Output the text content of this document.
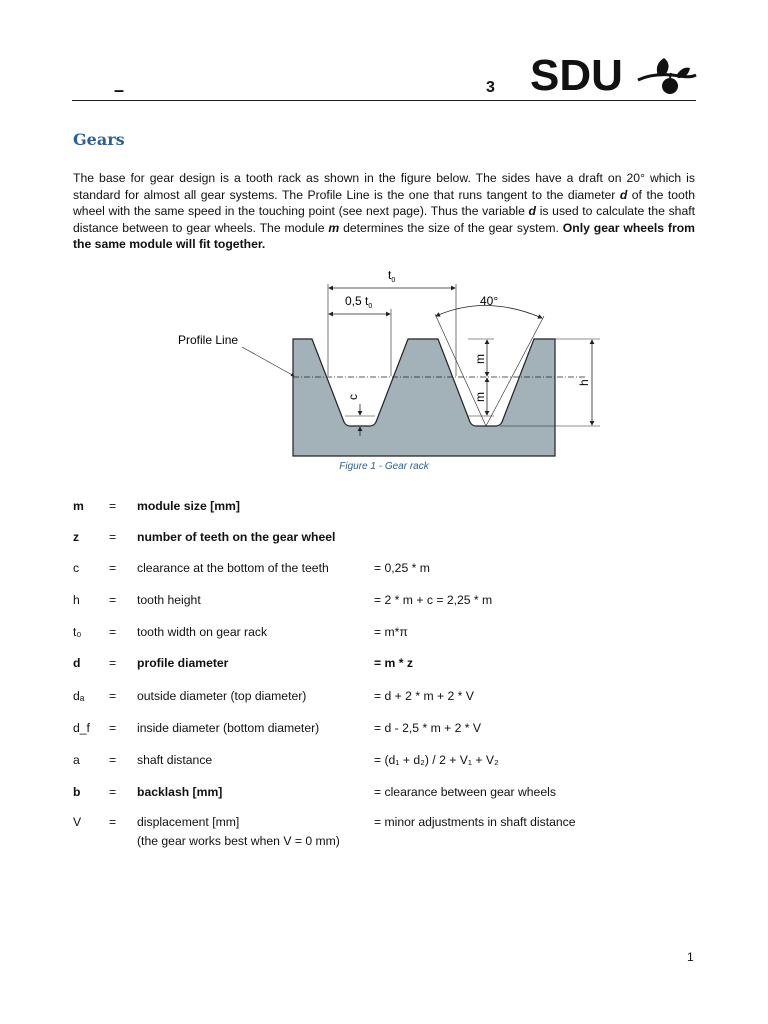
–	3 SDU
Gears
The base for gear design is a tooth rack as shown in the figure below. The sides have a draft on 20° which is standard for almost all gear systems. The Profile Line is the one that runs tangent to the diameter d of the tooth wheel with the same speed in the touching point (see next page). Thus the variable d is used to calculate the shaft distance between to gear wheels. The module m determines the size of the gear system. Only gear wheels from the same module will fit together.
$t_0$
0,5 $t_0$	40°
Profile Line
m
m
h
c
Figure 1 - Gear rack
m = module size [mm]
z = number of teeth on the gear wheel
c = clearance at the bottom of the teeth	= 0,25 * m
h = tooth height	= 2 * m + c = 2,25 * m
t₀ = tooth width on gear rack	= m*π
d = profile diameter	= m * z
dₐ = outside diameter (top diameter)	= d + 2 * m + 2 * V
d_f = inside diameter (bottom diameter)	= d - 2,5 * m + 2 * V
a = shaft distance	= (d₁ + d₂) / 2 + V₁ + V₂
b = backlash [mm]	= clearance between gear wheels
V = displacement [mm]	= minor adjustments in shaft distance
(the gear works best when V = 0 mm)
1
